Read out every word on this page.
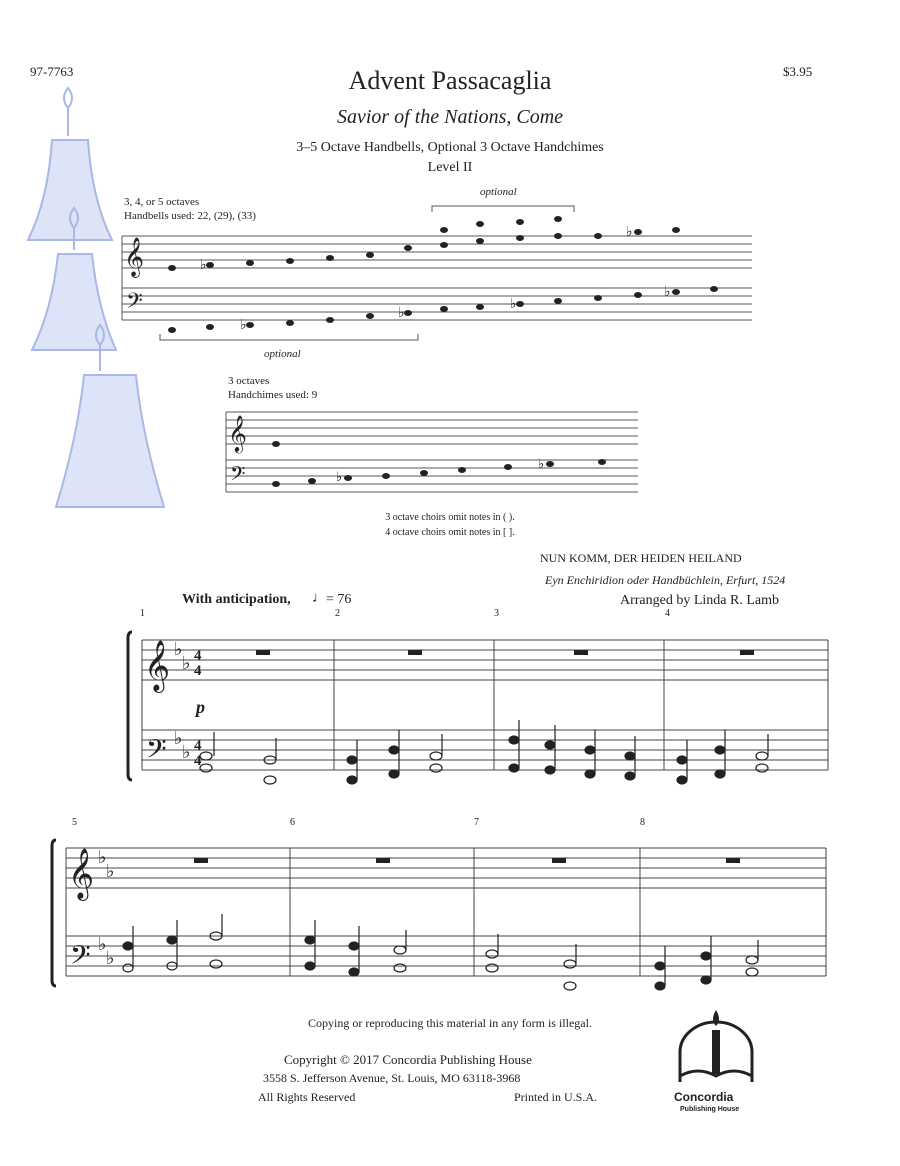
97-7763	$3.95
Advent Passacaglia
Savior of the Nations, Come
3–5 Octave Handbells, Optional 3 Octave Handchimes
Level II
3, 4, or 5 octaves
Handbells used: 22, (29), (33)
optional
optional
3 octaves
Handchimes used: 9
3 octave choirs omit notes in ( ).
4 octave choirs omit notes in [ ].
NUN KOMM, DER HEIDEN HEILAND
Eyn Enchiridion oder Handbüchlein, Erfurt, 1524
Arranged by Linda R. Lamb
With anticipation, ♩ = 76
p
1	2	3	4
5	6	7	8
𝄞
𝄢
♭
♭
♭
♭
♭
♭
𝄞
𝄢	♭
♭
𝄞
𝄢
♭
♭
♭
♭
4
4
4
4
𝄞
𝄢
♭
♭
♭
♭
Copying or reproducing this material in any form is illegal.
Copyright © 2017 Concordia Publishing House
3558 S. Jefferson Avenue, St. Louis, MO 63118-3968
All Rights Reserved	Printed in U.S.A.	Concordia
Publishing House
